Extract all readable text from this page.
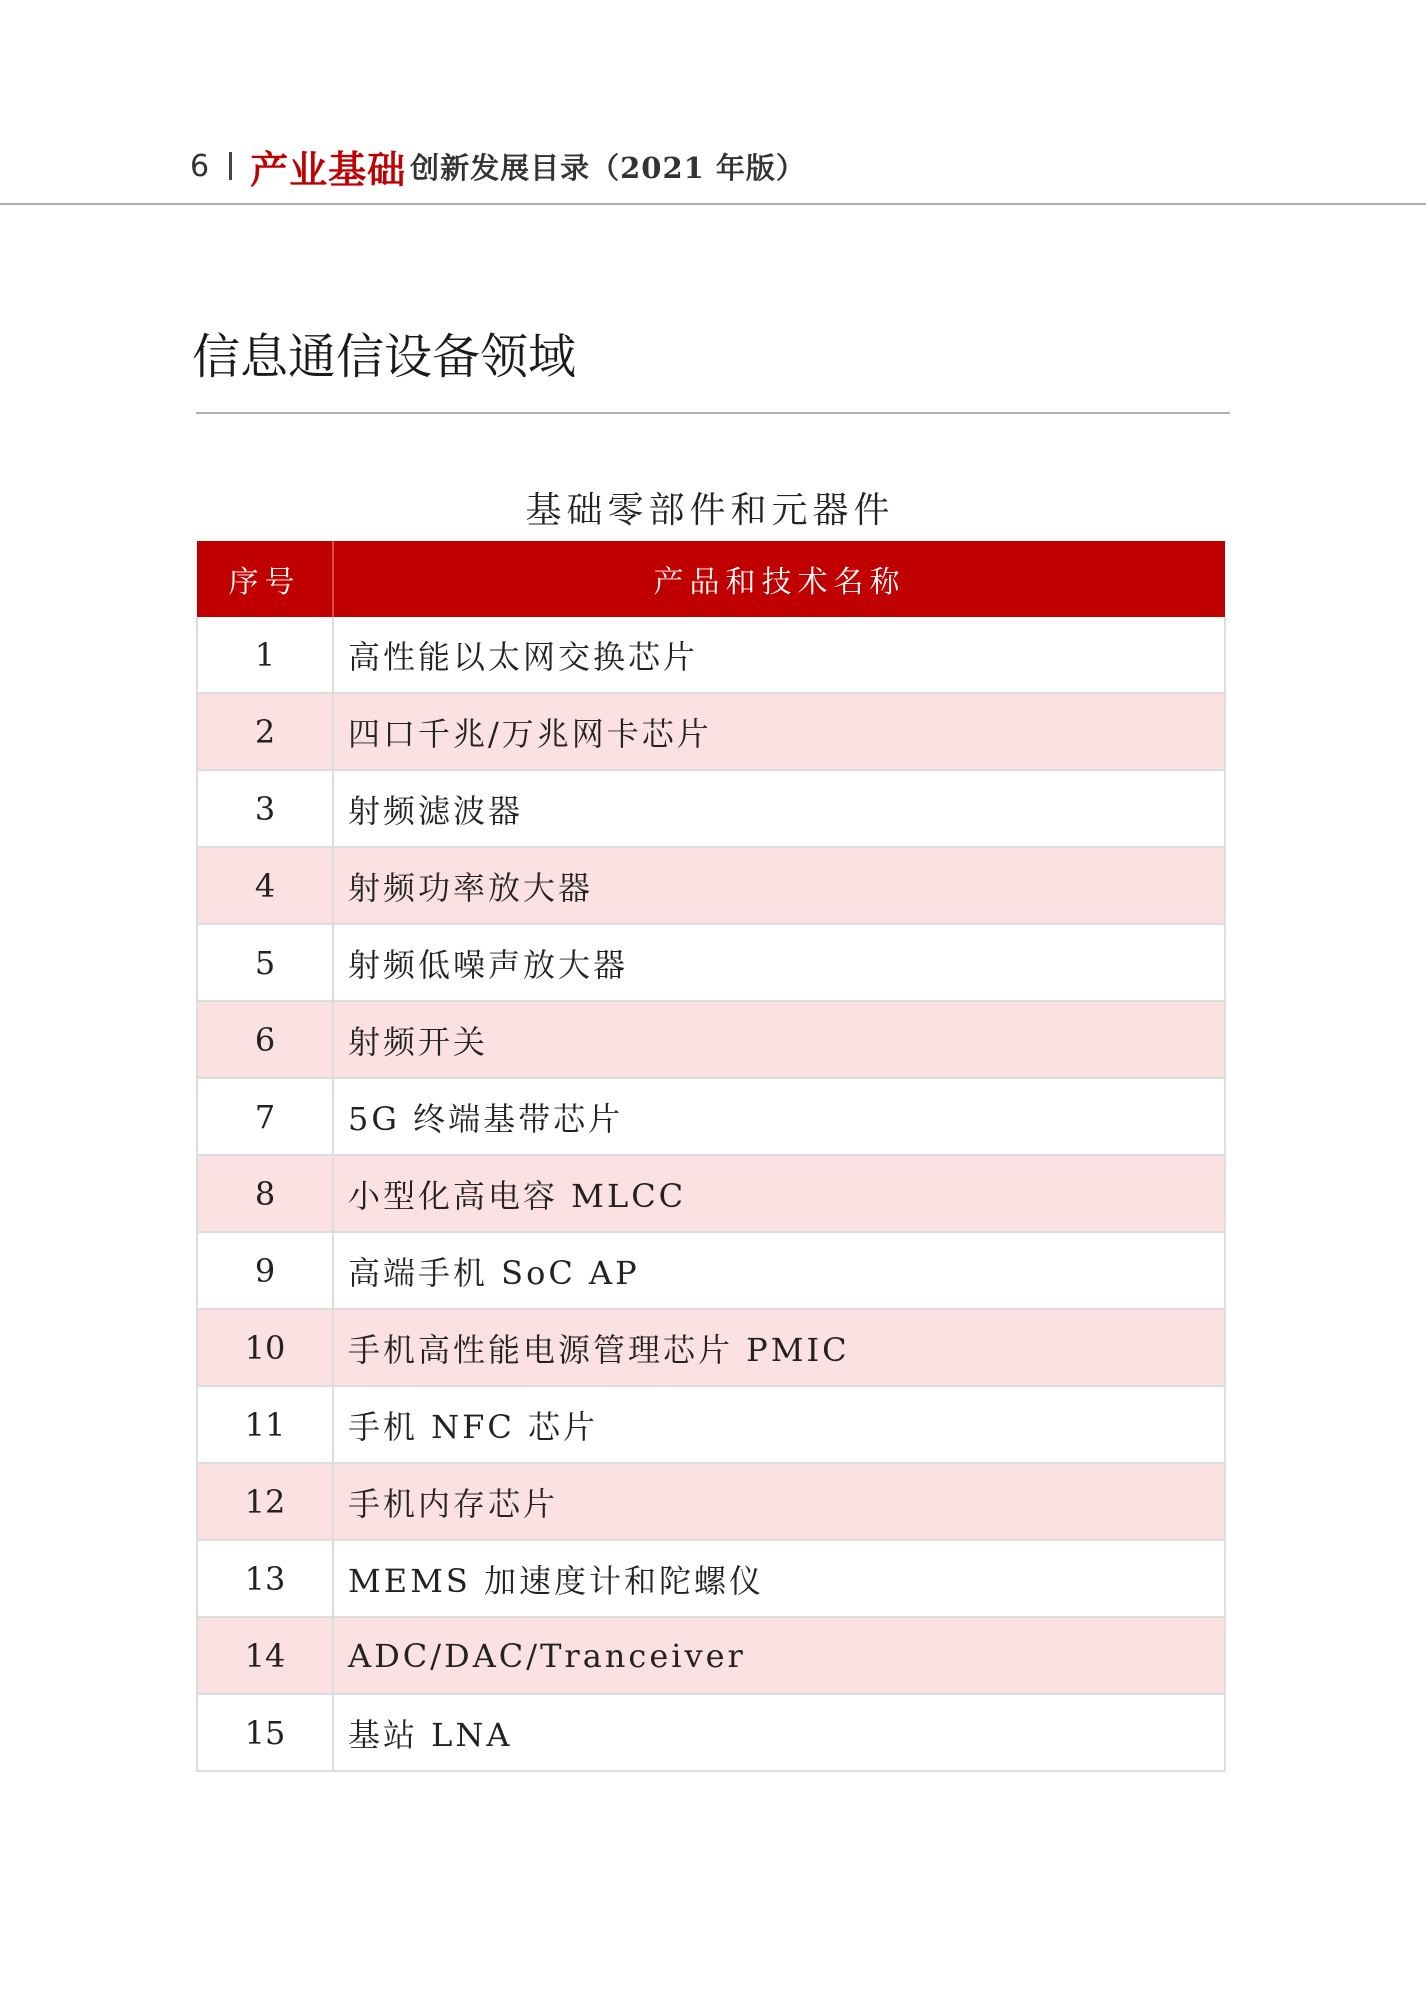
6 产业基础 创新发展目录（2021 年版）
信息通信设备领域
基础零部件和元器件
序号	产品和技术名称
1	高性能以太网交换芯片
2	四口千兆/万兆网卡芯片
3	射频滤波器
4	射频功率放大器
5	射频低噪声放大器
6	射频开关
7	5G 终端基带芯片
8	小型化高电容 MLCC
9	高端手机 SoC AP
10	手机高性能电源管理芯片 PMIC
11	手机 NFC 芯片
12	手机内存芯片
13	MEMS 加速度计和陀螺仪
14	ADC/DAC/Tranceiver
15	基站 LNA
